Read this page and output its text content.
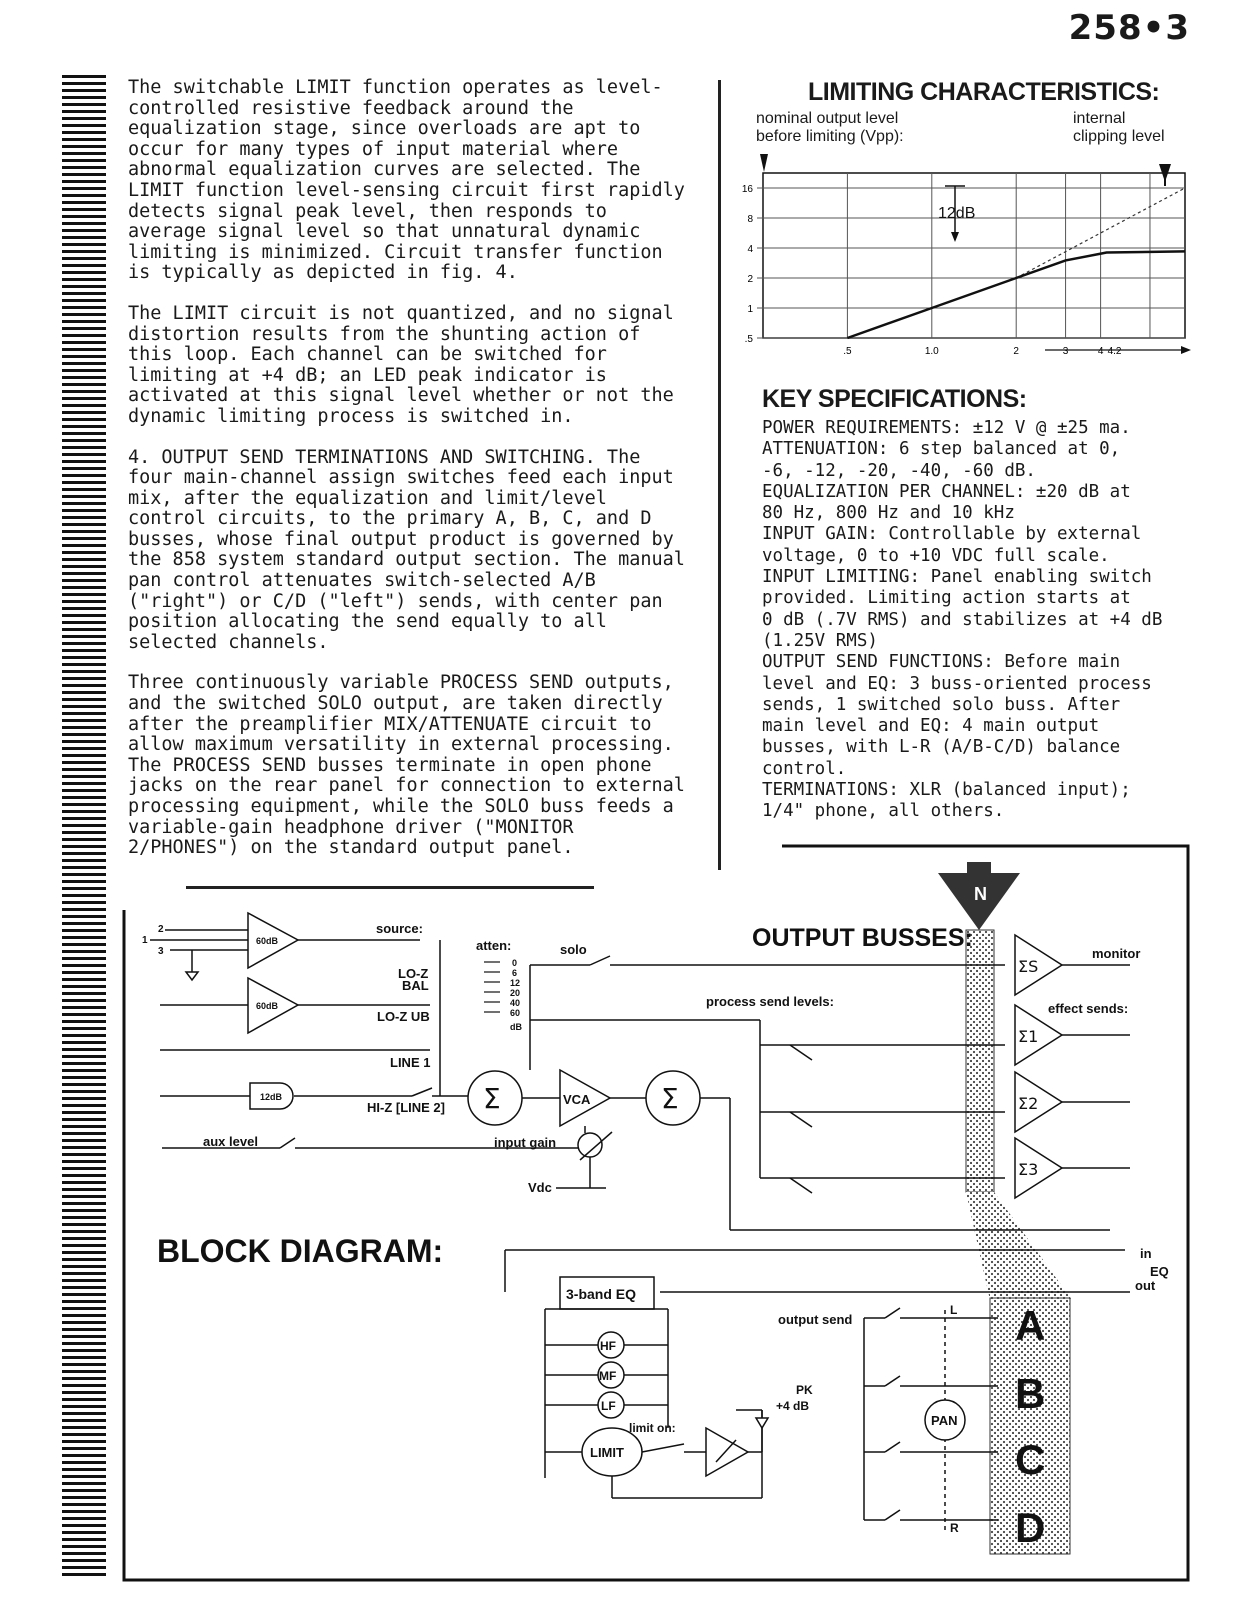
258•3

The switchable LIMIT function operates as level-controlled resistive feedback around the equalization stage, since overloads are apt to occur for many types of input material where abnormal equalization curves are selected. The LIMIT function level-sensing circuit first rapidly detects signal peak level, then responds to average signal level so that unnatural dynamic limiting is minimized. Circuit transfer function is typically as depicted in fig. 4.

The LIMIT circuit is not quantized, and no signal distortion results from the shunting action of this loop. Each channel can be switched for limiting at +4 dB; an LED peak indicator is activated at this signal level whether or not the dynamic limiting process is switched in.

4. OUTPUT SEND TERMINATIONS AND SWITCHING. The four main-channel assign switches feed each input mix, after the equalization and limit/level control circuits, to the primary A, B, C, and D busses, whose final output product is governed by the 858 system standard output section. The manual pan control attenuates switch-selected A/B ("right") or C/D ("left") sends, with center pan position allocating the send equally to all selected channels.

Three continuously variable PROCESS SEND outputs, and the switched SOLO output, are taken directly after the preamplifier MIX/ATTENUATE circuit to allow maximum versatility in external processing. The PROCESS SEND busses terminate in open phone jacks on the rear panel for connection to external processing equipment, while the SOLO buss feeds a variable-gain headphone driver ("MONITOR 2/PHONES") on the standard output panel.

LIMITING CHARACTERISTICS:
nominal output level
before limiting (Vpp):
internal
clipping level
16
8
4
2
1
.5
.5	1.0	2	3	4 4.2
12dB
KEY SPECIFICATIONS:
POWER REQUIREMENTS: ±12 V @ ±25 ma.
ATTENUATION: 6 step balanced at 0,
-6, -12, -20, -40, -60 dB.
EQUALIZATION PER CHANNEL: ±20 dB at
80 Hz, 800 Hz and 10 kHz
INPUT GAIN: Controllable by external
voltage, 0 to +10 VDC full scale.
INPUT LIMITING: Panel enabling switch
provided. Limiting action starts at
0 dB (.7V RMS) and stabilizes at +4 dB
(1.25V RMS)
OUTPUT SEND FUNCTIONS: Before main
level and EQ: 3 buss-oriented process
sends, 1 switched solo buss. After
main level and EQ: 4 main output
busses, with L-R (A/B-C/D) balance
control.
TERMINATIONS: XLR (balanced input);
1/4" phone, all others.
N
OUTPUT BUSSES:
BLOCK DIAGRAM:
60dB
60dB
12dB
2
1
3
source:
LO-Z
BAL
LO-Z UB
LINE 1
HI-Z [LINE 2]
aux level
atten:
0
6
12
20
40
60
dB
solo
process send levels:
input gain
Vdc
Σ	VCA	Σ
ΣS
Σ1
Σ2
Σ3
monitor
effect sends:
in
EQ
out
3-band EQ
HF
MF
LF
LIMIT
limit on:
PK
+4 dB
output send
PAN
L
R
A
B
C
D
